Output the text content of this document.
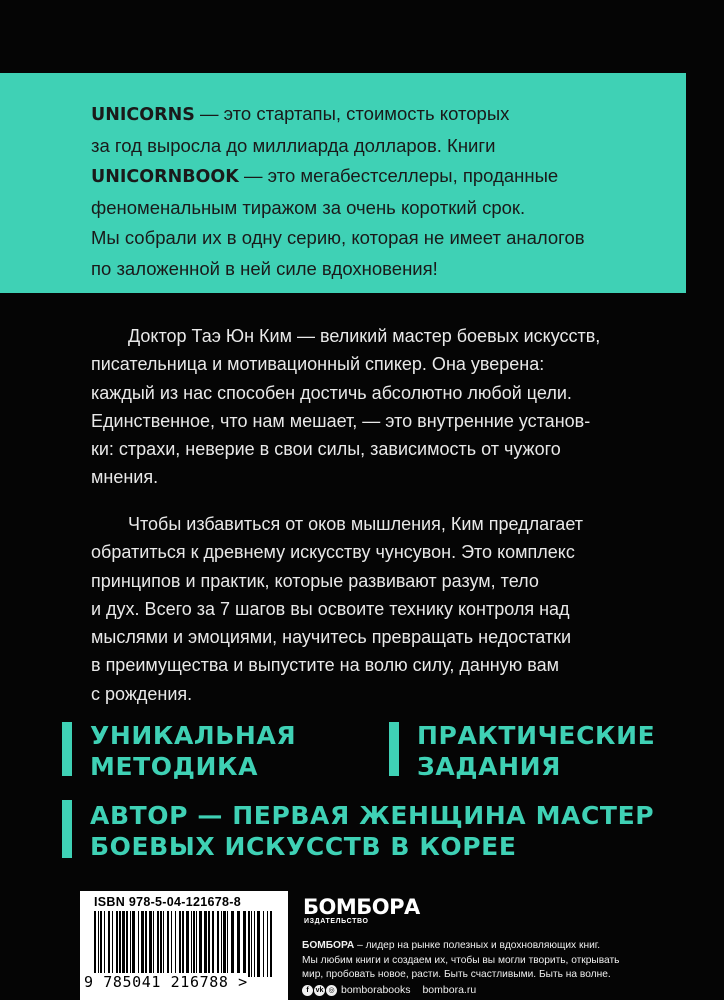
UNICORNS — это стартапы, стоимость которых
за год выросла до миллиарда долларов. Книги
UNICORNBOOK — это мегабестселлеры, проданные
феноменальным тиражом за очень короткий срок.
Мы собрали их в одну серию, которая не имеет аналогов
по заложенной в ней силе вдохновения!
Доктор Таэ Юн Ким — великий мастер боевых искусств,
писательница и мотивационный спикер. Она уверена:
каждый из нас способен достичь абсолютно любой цели.
Единственное, что нам мешает, — это внутренние установ-
ки: страхи, неверие в свои силы, зависимость от чужого
мнения.
Чтобы избавиться от оков мышления, Ким предлагает
обратиться к древнему искусству чунсувон. Это комплекс
принципов и практик, которые развивают разум, тело
и дух. Всего за 7 шагов вы освоите технику контроля над
мыслями и эмоциями, научитесь превращать недостатки
в преимущества и выпустите на волю силу, данную вам
с рождения.
УНИКАЛЬНАЯ
МЕТОДИКА
ПРАКТИЧЕСКИЕ
ЗАДАНИЯ
АВТОР — ПЕРВАЯ ЖЕНЩИНА МАСТЕР
БОЕВЫХ ИСКУССТВ В КОРЕЕ
ISBN 978-5-04-121678-8
9 785041 216788 >
БОМБОРА
ИЗДАТЕЛЬСТВО
БОМБОРА – лидер на рынке полезных и вдохновляющих книг.
Мы любим книги и создаем их, чтобы вы могли творить, открывать
мир, пробовать новое, расти. Быть счастливыми. Быть на волне.
f vk ◎ bomborabooks bombora.ru
